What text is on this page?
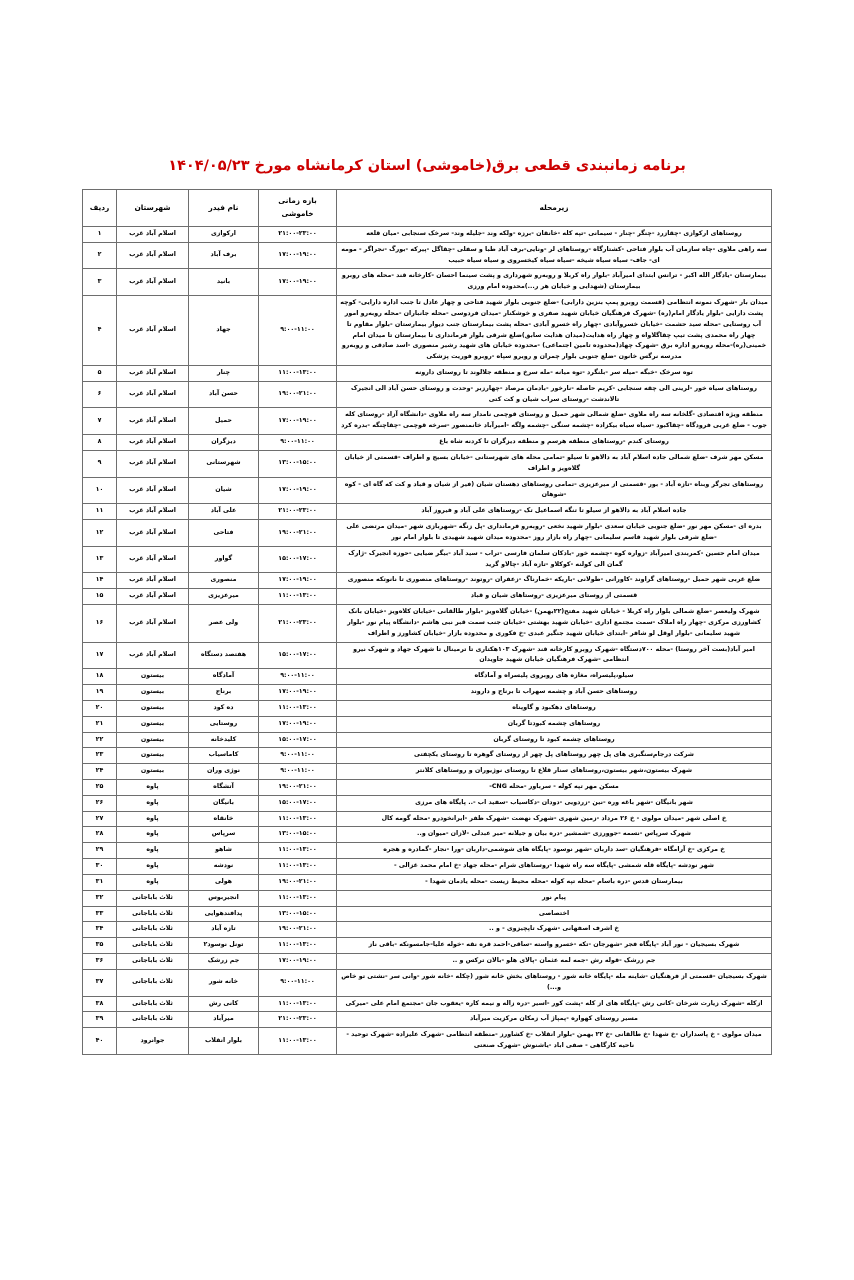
برنامه زمانبندی قطعی برق(خاموشی) استان کرمانشاه مورخ ۱۴۰۴/۰۵/۲۳
زیرمحله	بازه زمانی خاموشی	نام فیدر	شهرستان	ردیف
روستاهای ارکوازی -چقازرد -چنگر -چنار - سیمانی -تپه کله -خانقان -برزه -ولکه وند -جلیله وند- سرخک سنجابی -میان قلعه	۲۱:۰۰-۲۳:۰۰	ارکوازی	اسلام آباد غرب	۱
سه راهی ملاوی -چاه سازمان آب بلوار فتاحی -کشتارگاه -روستاهای لر -ونایی-برف آباد طبا و سفلی -چقاگل -پیرکه -بورگ -نجراگر - مومه ای- جاف- سیاه سیاه شیخه -سیاه سیاه کیخسروی و سیاه سیاه حبیب	۱۷:۰۰-۱۹:۰۰	برف آباد	اسلام آباد غرب	۲
بیمارستان -یادگار الله اکبر - ترانس ابتدای امیرآباد -بلوار راه کربلا و رو‌به‌رو شهرداری و پشت سینما احسان -کارخانه قند -محله های روبرو بیمارستان (شهدایی و خیابان هر ر...)محدوده امام ورزی	۱۷:۰۰-۱۹:۰۰	بانید	اسلام آباد غرب	۳
میدان بار -شهرک نمونه انتظامی (قسمت روبرو پمپ بنزین دارابی) -ضلع جنوبی بلوار شهید فتاحی و چهار عادل تا جنب اداره دارایی- کوچه پشت دارایی -بلوار یادگار امام(ره) -شهرک فرهنگیان خیابان شهید صفری و خوشکنار -میدان فردوسی -محله جانباران -محله رو‌به‌رو امور آب روستایی -محله سید حشمت -خیابان خسروآبادی -چهار راه خسرو آبادی -محله پشت بیمارستان جنب دیوار بیمارستان -بلوار مقاوم تا چهار راه محمدی پشت تیپ چقاگلاواه و چهار راه هدایت(میدان هدایت سابق)ضلع شرقی بلوار فرمانداری تا بیمارستان تا میدان امام خمینی(ره)-محله رو‌به‌رو اداره برق -شهرک چهاد(محدوده تامین اجتماعی) -محدوده خیابان های شهید رشیر منصوری -اسد صادقی و رو‌به‌رو مدرسه نرگس خانون -ضلع جنوبی بلوار چمران و روبرو سپاه -روبرو فوریت پزشکی	۹:۰۰-۱۱:۰۰	جهاد	اسلام آباد غرب	۴
توه سرخک -خبگه -میله سر -بلنگرد -توه میانه -مله سرخ و منطقه جلالوند تا روستای دارونه	۱۱:۰۰-۱۳:۰۰	چنار	اسلام آباد غرب	۵
روستاهای سیاه خور -لرینی الی چقه سنجابی -کریم حاصله -نارخور -بادمان مرصاد -چهارزبر -وحدت و روستای حسن آباد الی انجیرک تالاندشت -روستای سراب شیان و کت کتی	۱۹:۰۰-۲۱:۰۰	حسن آباد	اسلام آباد غرب	۶
منطقه ویژه اقتصادی -گلخانه سه راه ملاوی -ضلع شمالی شهر حمیل و روستای قوچمی نامدار سه راه ملاوی -دانشگاه آزاد -روستای کله جوب - ضلع غربی فرودگاه -چقاکبود -سیاه سیاه بیکزاده -چشمه سنگی -چشمه ولگه -امیرآباد خانمنصور -سرخه قوچمی -چقاچنگه -بدره کرد	۱۷:۰۰-۱۹:۰۰	حمیل	اسلام آباد غرب	۷
روستای کندم -روستاهای منطقه هرسم و منطقه دیزگران تا کردنه شاه باغ	۹:۰۰-۱۱:۰۰	دیزگران	اسلام آباد غرب	۸
مسکن مهر شرف -ضلع شمالی جاده اسلام آباد به دالاهو تا سیلو -تمامی محله های شهرستانی -خیابان بسیج و اطراف -قسمتی از خیابان گلاه‌ویز و اطراف	۱۳:۰۰-۱۵:۰۰	شهرستانی	اسلام آباد غرب	۹
روستاهای تجرگر وبناه -تازه آباد - بور -قسمتی از میرعزیزی -تمامی روستاهای دهستان شیان (فیر از شیان و قباد و کت که گاه ای - کوه -شوهان	۱۷:۰۰-۱۹:۰۰	شیان	اسلام آباد غرب	۱۰
جاده اسلام آباد به دالاهو از سیلو تا تنگه اسماعیل تک -روستاهای علی آباد و فیروز آباد	۲۱:۰۰-۲۳:۰۰	علی آباد	اسلام آباد غرب	۱۱
بدره ای -مسکن مهر نور -ضلع جنوبی خیابان سعدی -بلوار شهید نخعی -رو‌به‌رو فرمانداری -پل زنگه -شهربازی شهر -میدان مرتضی علی -ضلع شرقی بلوار شهید قاسم سلیمانی -چهار راه بازار روز -محدوده میدان شهید شهیدی تا بلوار امام نور	۱۹:۰۰-۲۱:۰۰	فتاحی	اسلام آباد غرب	۱۲
میدان امام حسین -کمربندی امیرآباد -زواره کوه -چشمه خور -بادکان سلمان فارسی -تراب - سید آباد -بیگر ضیایی -حوزه انجیرک -ژارک گمان الی کولنه -کوکلاو -تازه آباد -چالاو گرید	۱۵:۰۰-۱۷:۰۰	گواور	اسلام آباد غرب	۱۳
ضلع غربی شهر حمیل -روستاهای گراوند -کاورانی -طولانی -باریکه -خمارناگ -زعفران -روتوند -روستاهای منصوری تا نانوتکه منصوری	۱۷:۰۰-۱۹:۰۰	منصوری	اسلام آباد غرب	۱۴
قسمتی از روستای میرعزیزی -روستاهای شیان و قباد	۱۱:۰۰-۱۳:۰۰	میرعزیزی	اسلام آباد غرب	۱۵
شهرک ولیعصر -ضلع شمالی بلوار راه کربلا - خیابان شهید مفتح(۲۲بهمن) -خیابان گلاه‌ویز -بلوار طالقانی -خیابان کلاه‌ویز -خیابان بانک کشاورزی مرکزی -چهار راه املاک -سمت مجتمع اداری -خیابان شهید بهشتی -خیابان جنب سمت قبر نبی هاشم -دانشگاه پیام نور -بلوار شهید سلیمانی -بلوار اوقل لو شافر -ابتدای خیابان شهید جنگیر عبدی -خ فکوری و محدوده بازار -خیابان کشاورز و اطراف	۲۱:۰۰-۲۳:۰۰	ولی عصر	اسلام آباد غرب	۱۶
امیر آباد(بست آخر روستا) -محله ۷۰۰دستگاه -شهرک روبرو کارخانه قند -شهرک ۱۰۳هکتاری تا ترمینال تا شهرک جهاد و شهرک نیرو انتظامی -شهرک فرهنگیان خیابان شهید جاویدان	۱۵:۰۰-۱۷:۰۰	هفتصد دستگاه	اسلام آباد غرب	۱۷
سیلو،پلیسراه، مغازه های روبروی پلیسراه و آمادگاه	۹:۰۰-۱۱:۰۰	آمادگاه	بیستون	۱۸
روستاهای حسن آباد و چشمه سهراب تا برناج و داروند	۱۷:۰۰-۱۹:۰۰	برناج	بیستون	۱۹
روستاهای دهکبود و گاوپناه	۱۱:۰۰-۱۳:۰۰	ده کود	بیستون	۲۰
روستاهای چشمه کبودتا گربان	۱۷:۰۰-۱۹:۰۰	روستایی	بیستون	۲۱
روستاهای چشمه کبود تا روستای گربان	۱۵:۰۰-۱۷:۰۰	کلیدخانه	بیستون	۲۲
شرکت درجام‌سنگبری های پل چهر روستاهای پل چهر از روستای گوهره تا روستای یکچفتی	۹:۰۰-۱۱:۰۰	کاماسیاب	بیستون	۲۳
شهرک بیستون،شهر بیستون،روستاهای سنار قلاع تا روستای نوژیوران و روستاهای کلانتر	۹:۰۰-۱۱:۰۰	نوژی وران	بیستون	۲۴
مسکن مهر تپه کوله - سرباور -محله CNG-	۱۹:۰۰-۲۱:۰۰	آتشگاه	پاوه	۲۵
شهر بانیگان -شهر باغه وره -نین -زردویی -دودان -دکاسیاب -سفید اب -.. پایگاه های مرزی	۱۵:۰۰-۱۷:۰۰	بانیگان	پاوه	۲۶
خ اصلی شهر -میدان مولوی - خ ۲۶ مرداد -زمین شهری -شهرک نهضت -شهرک ظفر -ایرانخودرو -محله گومه کال	۱۱:۰۰-۱۳:۰۰	خانقاه	پاوه	۲۷
شهرک سرپاس -نسمه -جوورزی -شمشیر -دره بیان و جیلانه -میر عبدلی -لازان -میوان و..	۱۳:۰۰-۱۵:۰۰	سرپاس	پاوه	۲۸
خ مرکزی -خ آرامگاه -فرهنگیان -سد داربان -شهر نوسود -پایگاه های شوشمی-داربان -ورا -نجار -گمادره و هجره	۱۱:۰۰-۱۳:۰۰	شاهو	پاوه	۲۹
شهر نودشه -پایگاه قله شمشی -پایگاه سه راه شهدا -روستاهای شرام -محله جهاد -خ امام محمد غزالی -	۱۱:۰۰-۱۳:۰۰	نودشه	پاوه	۳۰
بیمارستان قدس -دره باسام -محله تپه کوله -محله محیط زیست -محله یادمان شهدا -	۱۹:۰۰-۲۱:۰۰	هولی	پاوه	۳۱
پیام نور	۱۱:۰۰-۱۳:۰۰	انجیربوس	ثلاث باباجانی	۳۲
اختصاصی	۱۳:۰۰-۱۵:۰۰	پدافندهوایی	ثلاث باباجانی	۳۳
خ اشرف اصفهانی -شهرک تاپچیزوی - و ..	۱۹:۰۰-۲۱:۰۰	تازه آباد	ثلاث باباجانی	۳۴
شهرک بسیجیان - نور آباد -پایگاه فجر -شهر‌جان -تکه -خسرو واسته -ساقی-احمد قره نقه -خوله علیا-جامسونکه -باقی ناز	۱۱:۰۰-۱۳:۰۰	تونل نوسود۲	ثلاث باباجانی	۳۵
جم زرشک -قوله رش -جمه لمه عثمان -پالای هلو -بالان ترکس و ..	۱۷:۰۰-۱۹:۰۰	جم زرشک	ثلاث باباجانی	۳۶
شهرک بسیجیان -قسمتی از فرهنگیان -شاینه مله -پایگاه خانه شور - روستاهای بخش خانه شور (چکله -خانه شور -وانی سر -نشتی تو خاص و...)	۹:۰۰-۱۱:۰۰	خانه شور	ثلاث باباجانی	۳۷
ازکله -شهرک زیارت شرخان -کانی رش -پایگاه های از کله -پشت کور -اسیر -دره زاله و نیمه کاره -یعقوب جان -مجتمع امام علی -میرکی	۱۱:۰۰-۱۳:۰۰	کانی رش	ثلاث باباجانی	۳۸
مسیر روستای کهواره -پمپاژ آب زمکان مرکزیت میرآباد	۲۱:۰۰-۲۳:۰۰	میرآباد	ثلاث باباجانی	۳۹
میدان مولوی - خ پاسداران -خ شهدا -خ طالقانی -خ ۲۲ بهمن -بلوار انقلاب -خ کشاورز -منطقه انتظامی -شهرک علیزاده -شهرک توحید - ناحیه کارگاهی - صفی اباد -یاشنوش -شهرک صنعتی	۱۱:۰۰-۱۳:۰۰	بلوار انقلاب	جوانرود	۴۰
